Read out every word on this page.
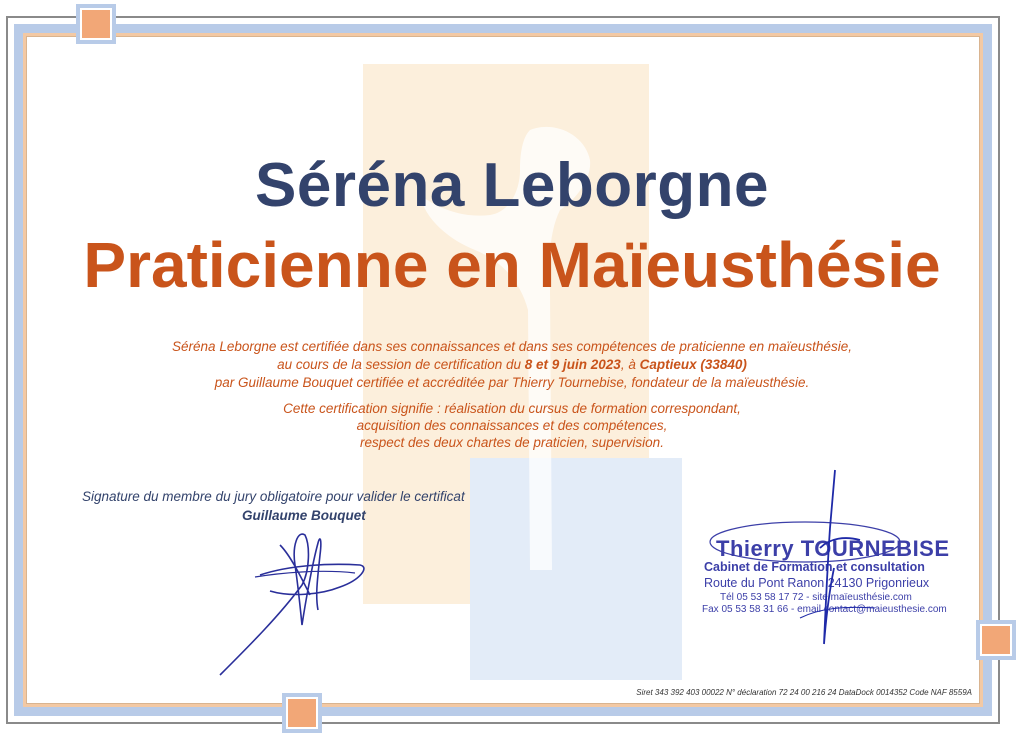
Séréna Leborgne
Praticienne en Maïeusthésie
Séréna Leborgne est certifiée dans ses connaissances et dans ses compétences de praticienne en maïeusthésie,
au cours de la session de certification du 8 et 9 juin 2023, à Captieux (33840)
par Guillaume Bouquet certifiée et accréditée par Thierry Tournebise, fondateur de la maïeusthésie.
Cette certification signifie : réalisation du cursus de formation correspondant,
acquisition des connaissances et des compétences,
respect des deux chartes de praticien, supervision.
Signature du membre du jury obligatoire pour valider le certificat
Guillaume Bouquet
Thierry TOURNEBISE
Cabinet de Formation et consultation
Route du Pont Ranon 24130 Prigonrieux
Tél 05 53 58 17 72 - site maïeusthésie.com
Fax 05 53 58 31 66 - email contact@maieusthesie.com
Siret 343 392 403 00022 N° déclaration 72 24 00 216 24 DataDock 0014352 Code NAF 8559A
